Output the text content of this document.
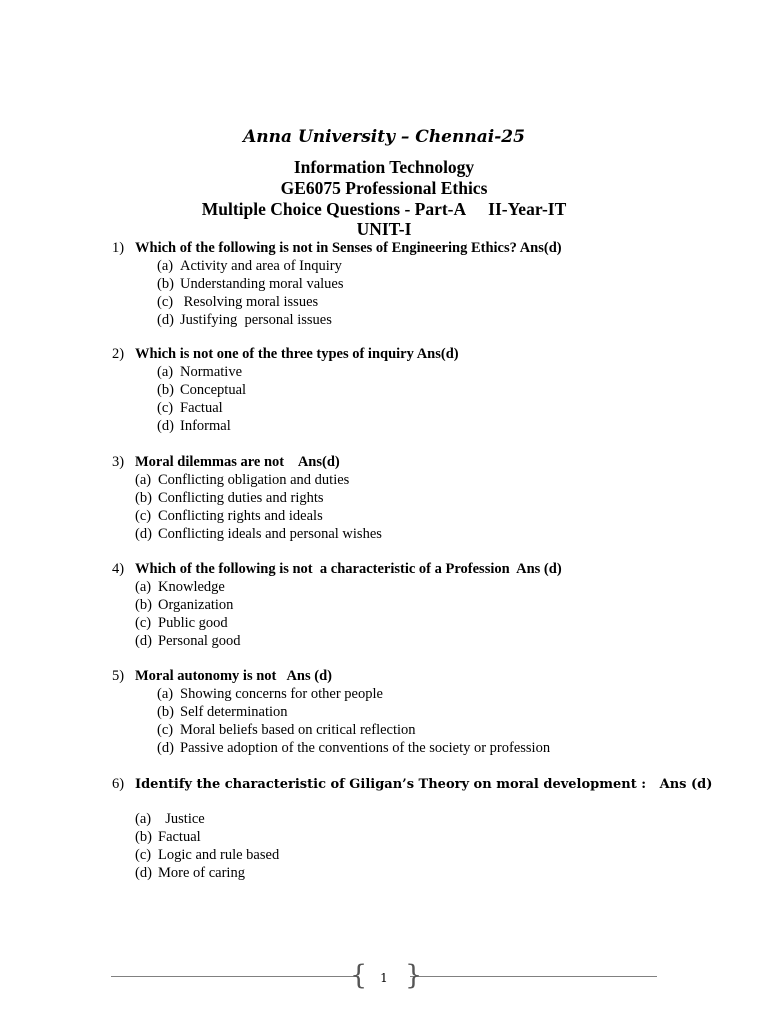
Anna University – Chennai-25
Information Technology
GE6075 Professional Ethics
Multiple Choice Questions - Part-A II-Year-IT
UNIT-I
1) Which of the following is not in Senses of Engineering Ethics? Ans(d)
(a) Activity and area of Inquiry
(b) Understanding moral values
(c) Resolving moral issues
(d) Justifying  personal issues
2) Which is not one of the three types of inquiry Ans(d)
(a) Normative
(b) Conceptual
(c) Factual
(d) Informal
3) Moral dilemmas are not    Ans(d)
(a) Conflicting obligation and duties
(b) Conflicting duties and rights
(c) Conflicting rights and ideals
(d) Conflicting ideals and personal wishes
4) Which of the following is not  a characteristic of a Profession  Ans (d)
(a) Knowledge
(b) Organization
(c) Public good
(d) Personal good
5) Moral autonomy is not   Ans (d)
(a) Showing concerns for other people
(b) Self determination
(c) Moral beliefs based on critical reflection
(d) Passive adoption of the conventions of the society or profession
6) Identify the characteristic of Giligan’s Theory on moral development :   Ans (d)
(a)  Justice
(b) Factual
(c) Logic and rule based
(d) More of caring
{ }
1
